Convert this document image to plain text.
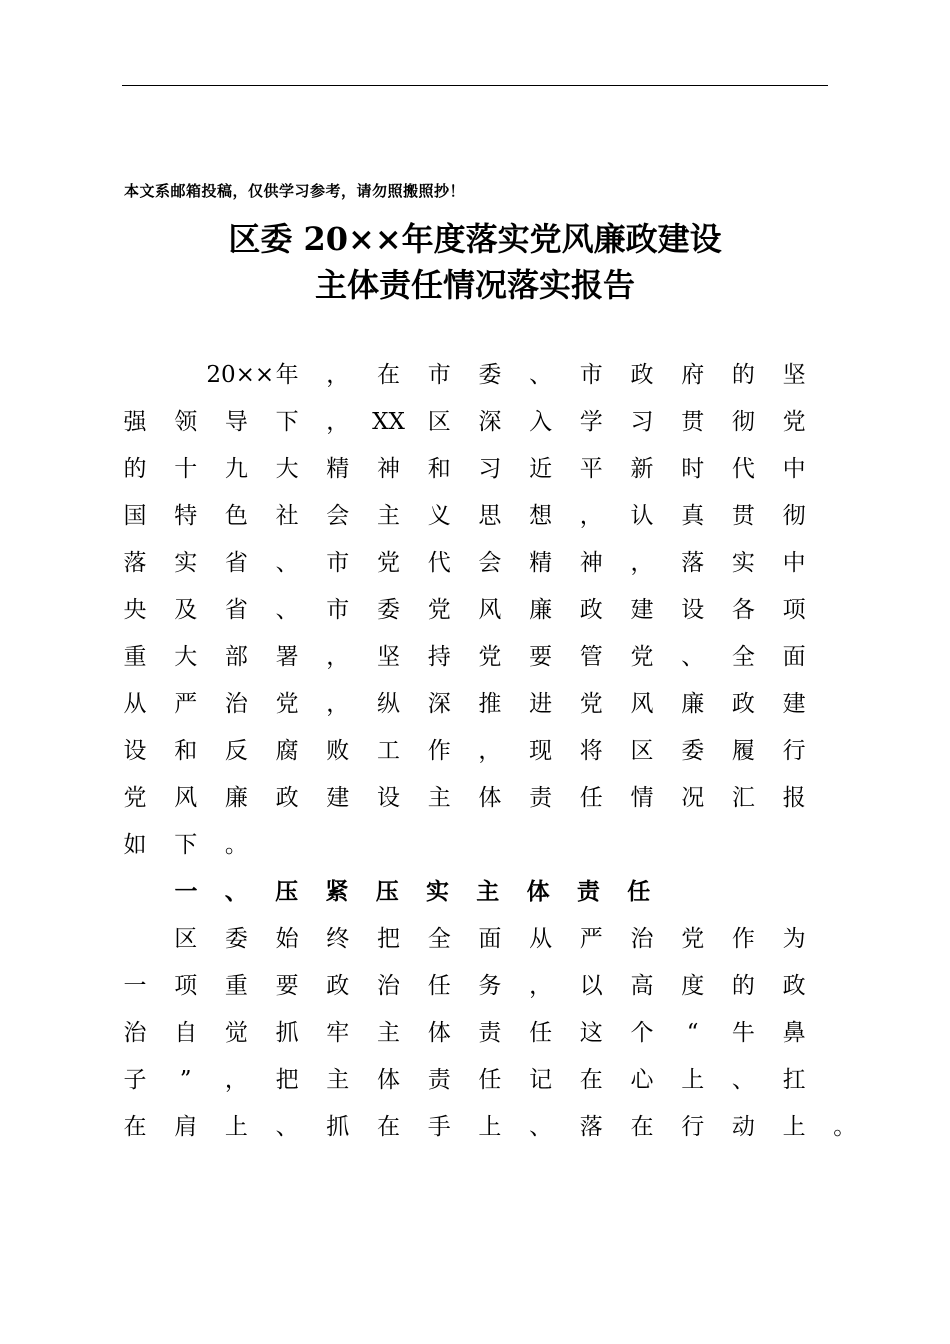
本文系邮箱投稿，仅供学习参考，请勿照搬照抄！
区委 20××年度落实党风廉政建设
主体责任情况落实报告
20×× 年	，	在	市	委	、	市	政	府	的	坚
强	领	导	下	， XX 区	深	入	学	习	贯	彻	党
的	十	九	大	精	神	和	习	近	平	新	时	代	中
国	特	色	社	会	主	义	思	想	，	认	真	贯	彻
落	实	省	、	市	党	代	会	精	神	，	落	实	中
央	及	省	、	市	委	党	风	廉	政	建	设	各	项
重	大	部	署	，	坚	持	党	要	管	党	、	全	面
从	严	治	党	，	纵	深	推	进	党	风	廉	政	建
设	和	反	腐	败	工	作	，	现	将	区	委	履	行
党	风	廉	政	建	设	主	体	责	任	情	况	汇	报
如	下	。
一	、	压	紧	压	实	主	体	责	任
区	委	始	终	把	全	面	从	严	治	党	作	为
一	项	重	要	政	治	任	务	，	以	高	度	的	政
治	自	觉	抓	牢	主	体	责	任	这	个	“	牛	鼻
子	”	，	把	主	体	责	任	记	在	心	上	、	扛
在	肩	上	、	抓	在	手	上	、	落	在	行	动	上	。
